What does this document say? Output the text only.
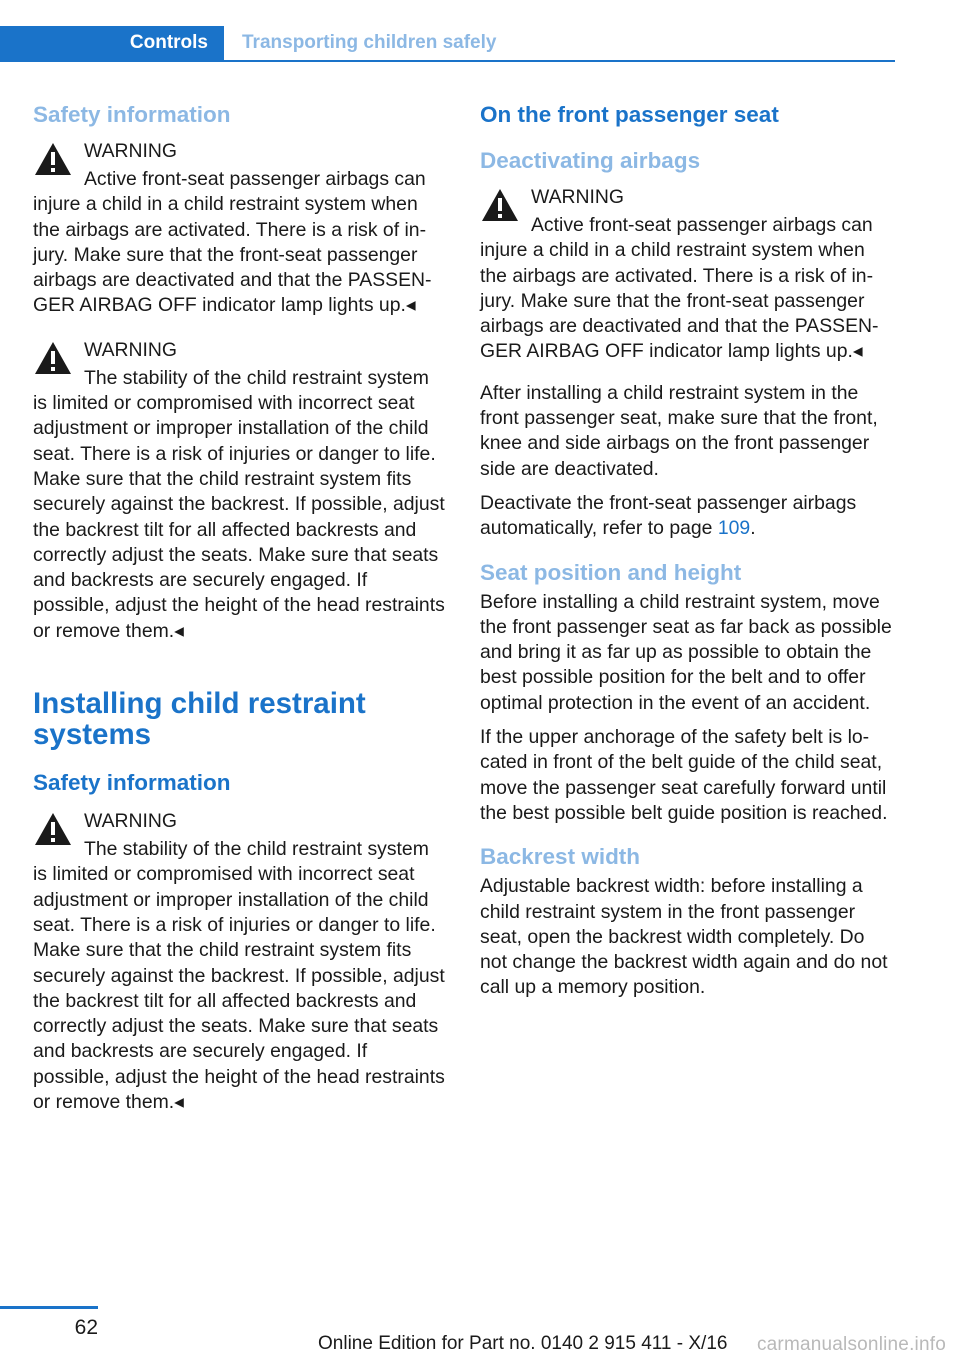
Controls	Transporting children safely
Safety information

WARNING
Active front-seat passenger airbags can injure a child in a child restraint system when the airbags are activated. There is a risk of injury. Make sure that the front-seat passenger airbags are deactivated and that the PASSENGER AIRBAG OFF indicator lamp lights up.◂

WARNING
The stability of the child restraint system is limited or compromised with incorrect seat adjustment or improper installation of the child seat. There is a risk of injuries or danger to life. Make sure that the child restraint system fits securely against the backrest. If possible, adjust the backrest tilt for all affected backrests and correctly adjust the seats. Make sure that seats and backrests are securely engaged. If possible, adjust the height of the head restraints or remove them.◂

Installing child restraint systems
Safety information

WARNING
The stability of the child restraint system is limited or compromised with incorrect seat adjustment or improper installation of the child seat. There is a risk of injuries or danger to life. Make sure that the child restraint system fits securely against the backrest. If possible, adjust the backrest tilt for all affected backrests and correctly adjust the seats. Make sure that seats and backrests are securely engaged. If possible, adjust the height of the head restraints or remove them.◂

On the front passenger seat
Deactivating airbags

WARNING
Active front-seat passenger airbags can injure a child in a child restraint system when the airbags are activated. There is a risk of injury. Make sure that the front-seat passenger airbags are deactivated and that the PASSENGER AIRBAG OFF indicator lamp lights up.◂

After installing a child restraint system in the front passenger seat, make sure that the front, knee and side airbags on the front passenger side are deactivated.

Deactivate the front-seat passenger airbags automatically, refer to page 109.

Seat position and height

Before installing a child restraint system, move the front passenger seat as far back as possible and bring it as far up as possible to obtain the best possible position for the belt and to offer optimal protection in the event of an accident.

If the upper anchorage of the safety belt is located in front of the belt guide of the child seat, move the passenger seat carefully forward until the best possible belt guide position is reached.

Backrest width

Adjustable backrest width: before installing a child restraint system in the front passenger seat, open the backrest width completely. Do not change the backrest width again and do not call up a memory position.

62
Online Edition for Part no. 0140 2 915 411 - X/16 carmanualsonline.info
